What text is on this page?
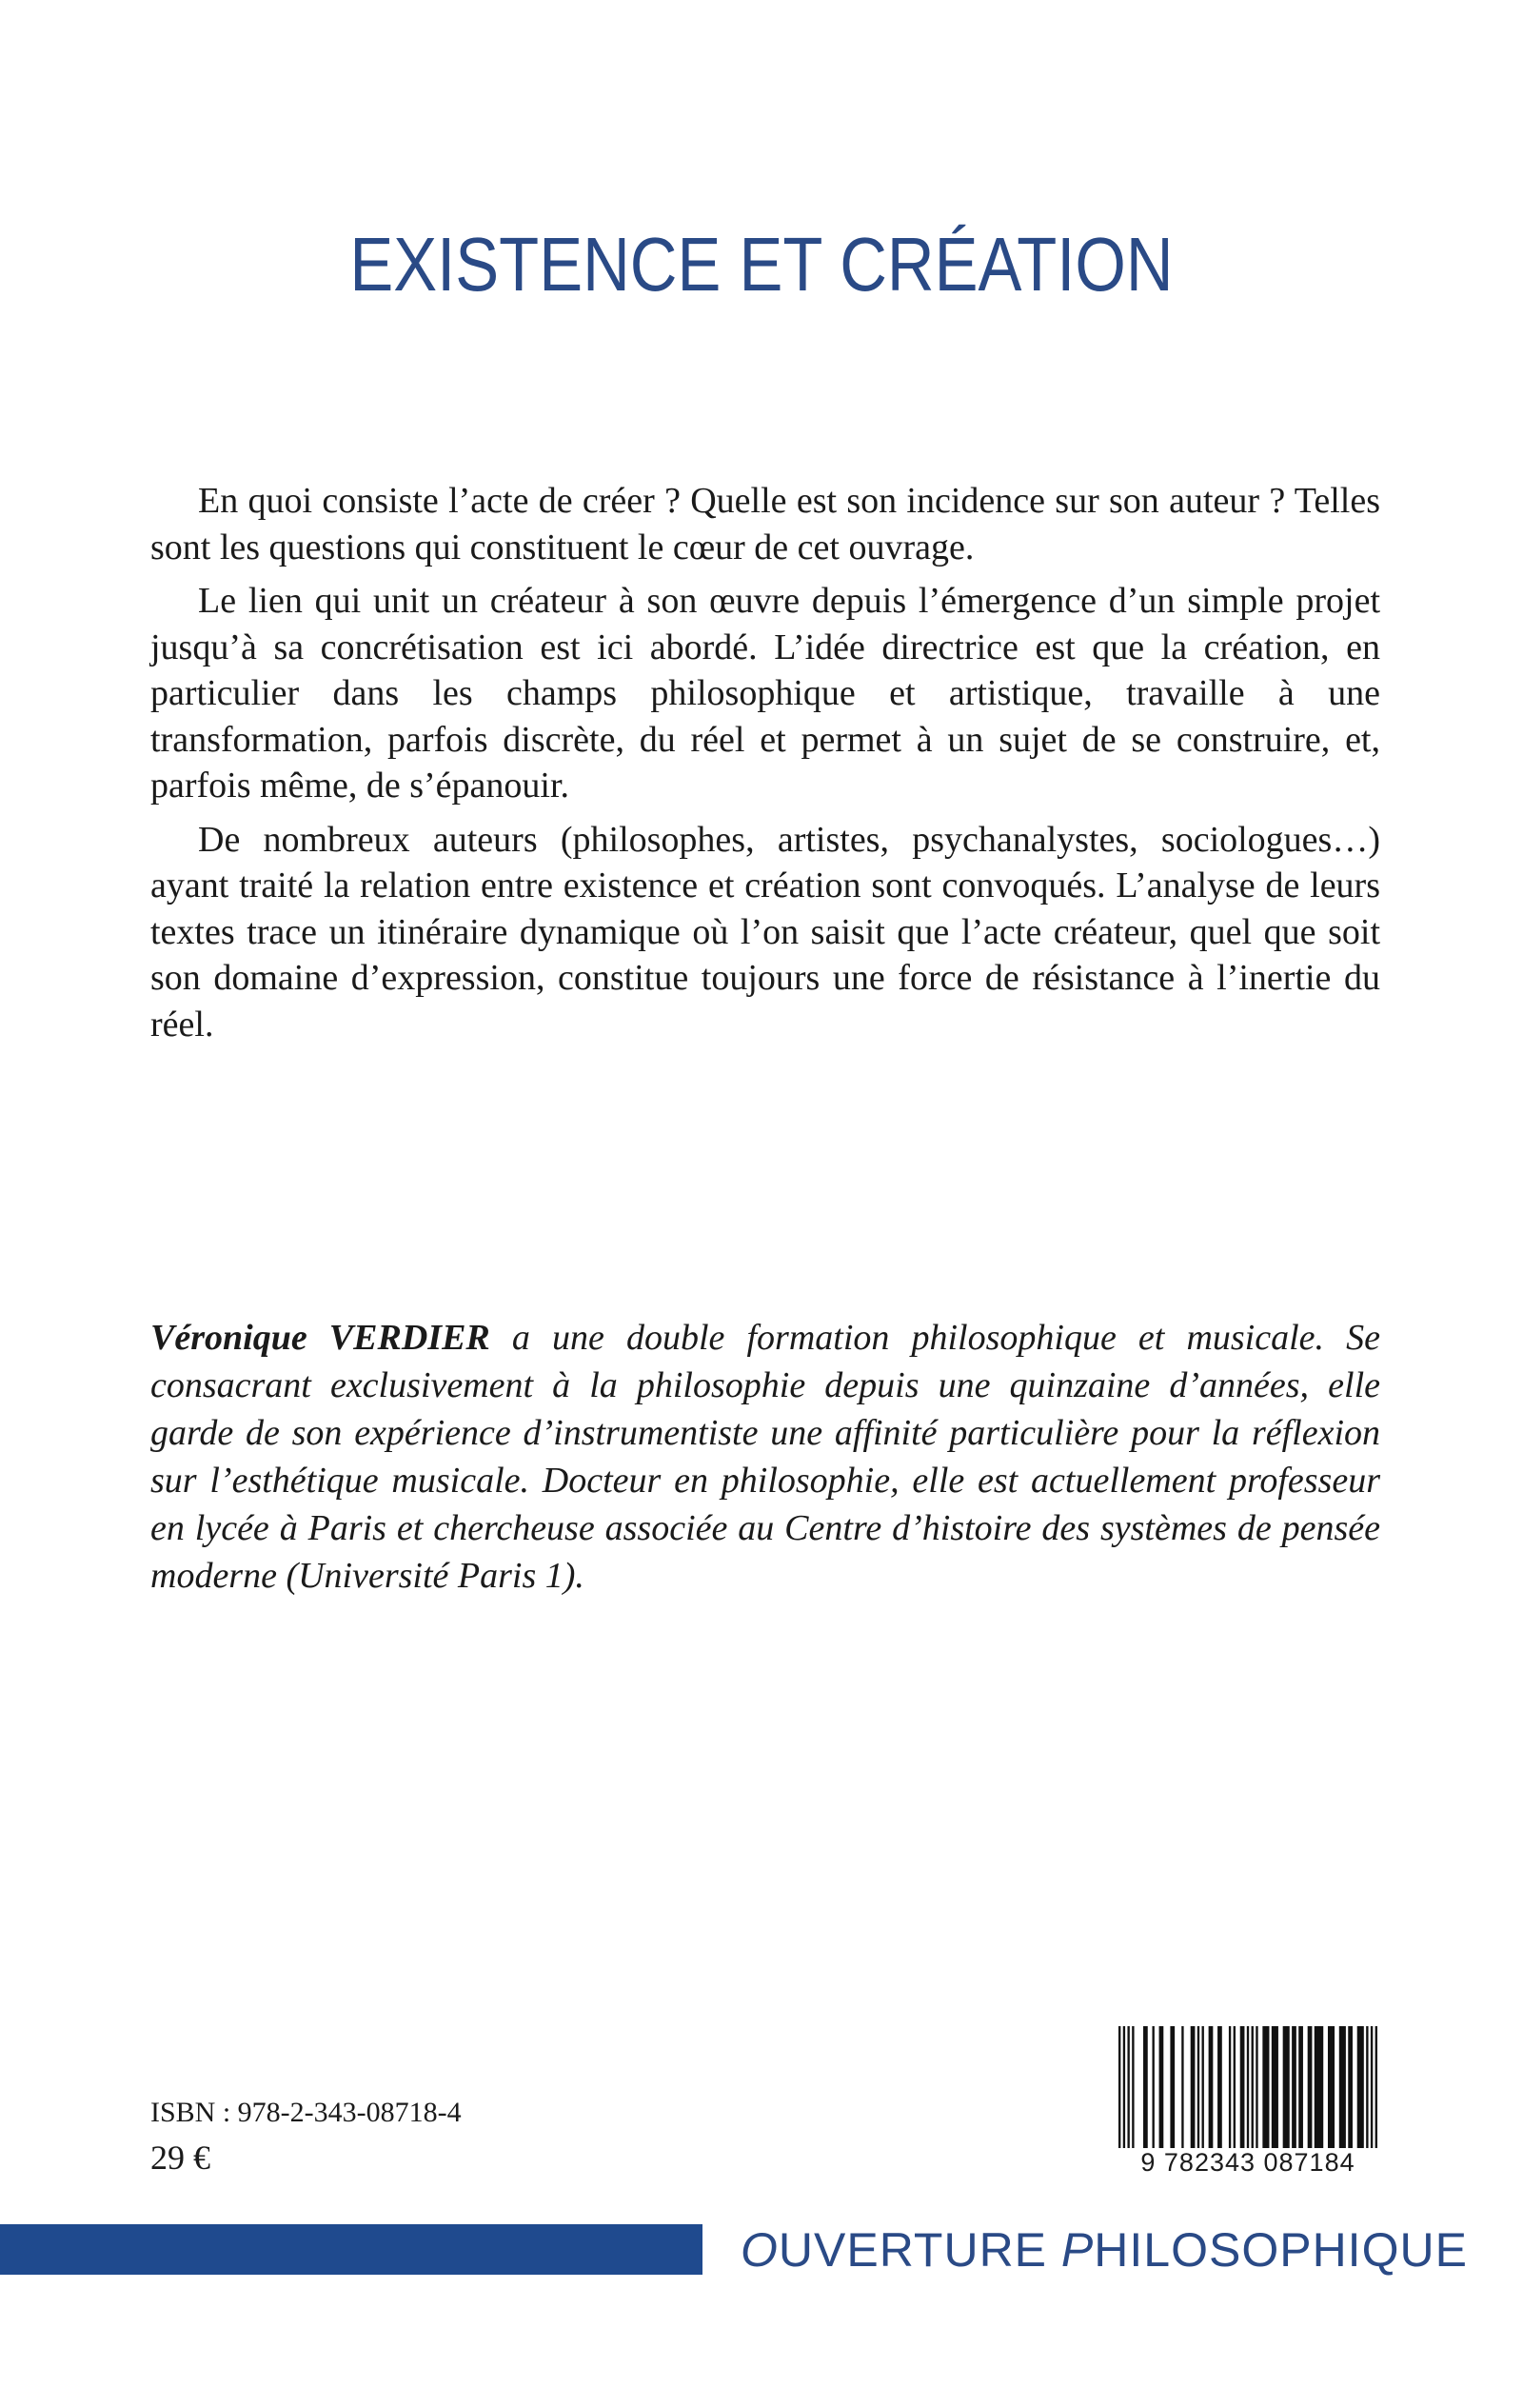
EXISTENCE ET CRÉATION

En quoi consiste l’acte de créer ? Quelle est son incidence sur son auteur ? Telles sont les questions qui constituent le cœur de cet ouvrage.

Le lien qui unit un créateur à son œuvre depuis l’émergence d’un simple projet jusqu’à sa concrétisation est ici abordé. L’idée directrice est que la création, en particulier dans les champs philosophique et artistique, travaille à une transformation, parfois discrète, du réel et permet à un sujet de se construire, et, parfois même, de s’épanouir.

De nombreux auteurs (philosophes, artistes, psychanalystes, sociologues…) ayant traité la relation entre existence et création sont convoqués. L’analyse de leurs textes trace un itinéraire dynamique où l’on saisit que l’acte créateur, quel que soit son domaine d’expression, constitue toujours une force de résistance à l’inertie du réel.

Véronique VERDIER a une double formation philosophique et musicale. Se consacrant exclusivement à la philosophie depuis une quinzaine d’années, elle garde de son expérience d’instrumentiste une affinité particulière pour la réflexion sur l’esthétique musicale. Docteur en philosophie, elle est actuellement professeur en lycée à Paris et chercheuse associée au Centre d’histoire des systèmes de pensée moderne (Université Paris 1).

ISBN : 978-2-343-08718-4
29 €	9 782343 087184
OUVERTURE PHILOSOPHIQUE
